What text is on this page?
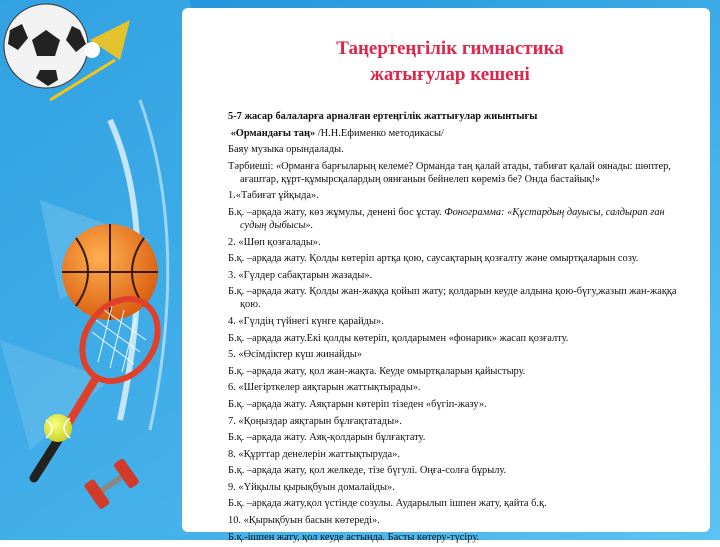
Таңертеңгілік гимнастика
жатығулар кешені

5-7 жасар балаларға арналған ертеңгілік жаттығулар жиынтығы

«Ормандағы таң» /Н.Н.Ефименко методикасы/

Баяу музыка орындалады.

Тәрбиеші: «Орманға барғыларың келеме? Орманда таң қалай атады, табиғат қалай оянады: шөптер, ағаштар, құрт-құмырсқалардың оянғанын бейнелеп көреміз бе? Онда бастайық!»

1.«Табиғат ұйқыда».

Б.қ. –арқада жату, көз жұмулы, денені бос ұстау. Фонограмма: «Құстардың дауысы, салдырап ған судың дыбысы».

2. «Шөп қозғалады».

Б.қ. –арқада жату. Қолды көтеріп артқа қою, саусақтарың қозғалту және омыртқаларын созу.

3. «Гүлдер сабақтарын жазады».

Б.қ. –арқада жату. Қолды жан-жаққа қойып жату; қолдарын кеуде алдына қою-бүгу,жазып жан-жаққа қою.

4. «Гүлдің түйнегі күнге қарайды».

Б.қ. –арқада жату.Екі қолды көтеріп, қолдарымен «фонарик» жасап қозғалту.

5. «Өсімдіктер күш жинайды»

Б.қ. –арқада жату, қол жан-жақта. Кеуде омыртқаларын қайыстыру.

6. «Шегірткелер аяқтарын жаттықтырады».

Б.қ. –арқада жату. Аяқтарын көтеріп тізеден «бүгіп-жазу».

7. «Қоңыздар аяқтарын бұлғақтатады».

Б.қ. –арқада жату. Аяқ-қолдарын бұлғақтату.

8. «Құрттар денелерін жаттықтыруда».

Б.қ. –арқада жату, қол желкеде, тізе бүгулі. Оңға-солға бұрылу.

9. «Үйқылы қырықбуын домалайды».

Б.қ. –арқада жату,қол үстінде созулы. Аударылып ішпен жату, қайта б.қ.

10. «Қырықбуын басын көтереді».

Б.қ.-ішпен жату, қол кеуде астында. Басты көтеру-түсіру.
